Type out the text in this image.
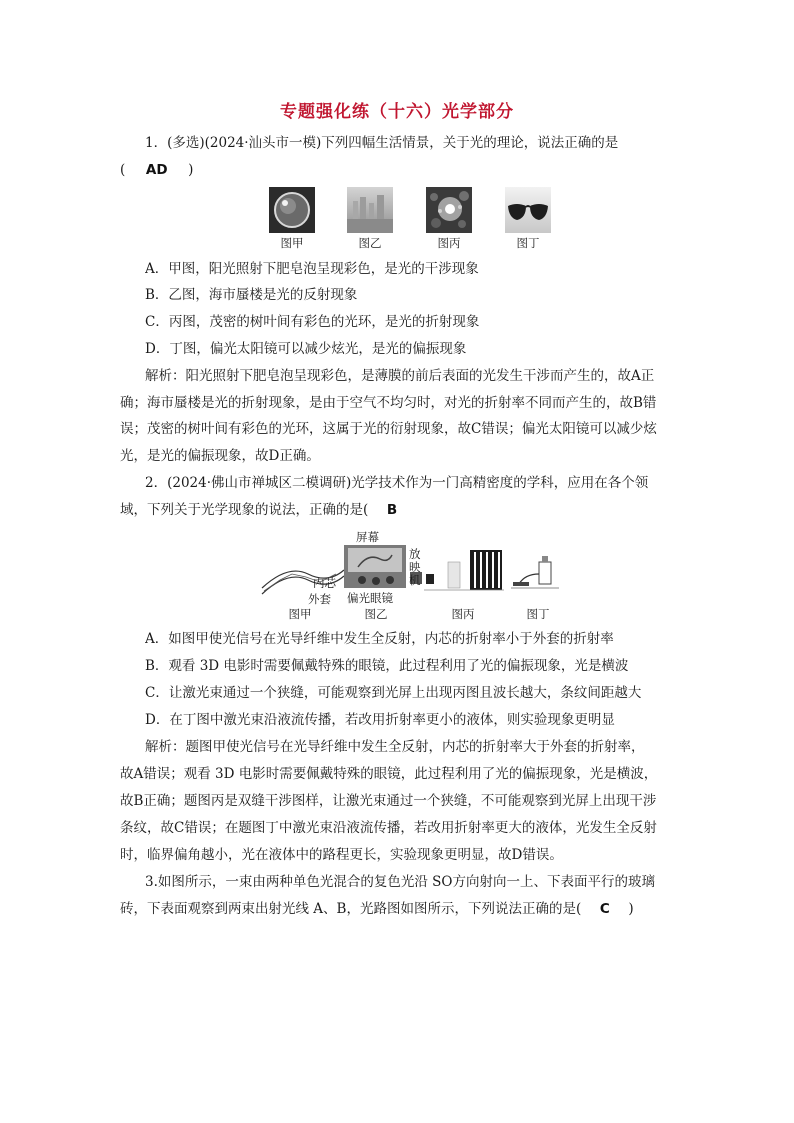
专题强化练（十六）光学部分
1．(多选)(2024·汕头市一模)下列四幅生活情景，关于光的理论，说法正确的是
( AD )
图甲	图乙	图丙	图丁
A．甲图，阳光照射下肥皂泡呈现彩色，是光的干涉现象
B．乙图，海市蜃楼是光的反射现象
C．丙图，茂密的树叶间有彩色的光环，是光的折射现象
D．丁图，偏光太阳镜可以减少炫光，是光的偏振现象
解析：阳光照射下肥皂泡呈现彩色，是薄膜的前后表面的光发生干涉而产生的，故A正
确；海市蜃楼是光的折射现象，是由于空气不均匀时，对光的折射率不同而产生的，故B错
误；茂密的树叶间有彩色的光环，这属于光的衍射现象，故C错误；偏光太阳镜可以减少炫
光，是光的偏振现象，故D正确。
2．(2024·佛山市禅城区二模调研)光学技术作为一门高精密度的学科，应用在各个领
域，下列关于光学现象的说法，正确的是( B
内芯
外套
屏幕
放映机
偏光眼镜
图甲	图乙	图丙	图丁
A．如图甲使光信号在光导纤维中发生全反射，内芯的折射率小于外套的折射率
B．观看 3D 电影时需要佩戴特殊的眼镜，此过程利用了光的偏振现象，光是横波
C．让激光束通过一个狭缝，可能观察到光屏上出现丙图且波长越大，条纹间距越大
D．在丁图中激光束沿液流传播，若改用折射率更小的液体，则实验现象更明显
解析：题图甲使光信号在光导纤维中发生全反射，内芯的折射率大于外套的折射率，
故A错误；观看 3D 电影时需要佩戴特殊的眼镜，此过程利用了光的偏振现象，光是横波，
故B正确；题图丙是双缝干涉图样，让激光束通过一个狭缝，不可能观察到光屏上出现干涉
条纹，故C错误；在题图丁中激光束沿液流传播，若改用折射率更大的液体，光发生全反射
时，临界偏角越小，光在液体中的路程更长，实验现象更明显，故D错误。
3.如图所示，一束由两种单色光混合的复色光沿 SO方向射向一上、下表面平行的玻璃
砖，下表面观察到两束出射光线 A、B，光路图如图所示，下列说法正确的是( C )
